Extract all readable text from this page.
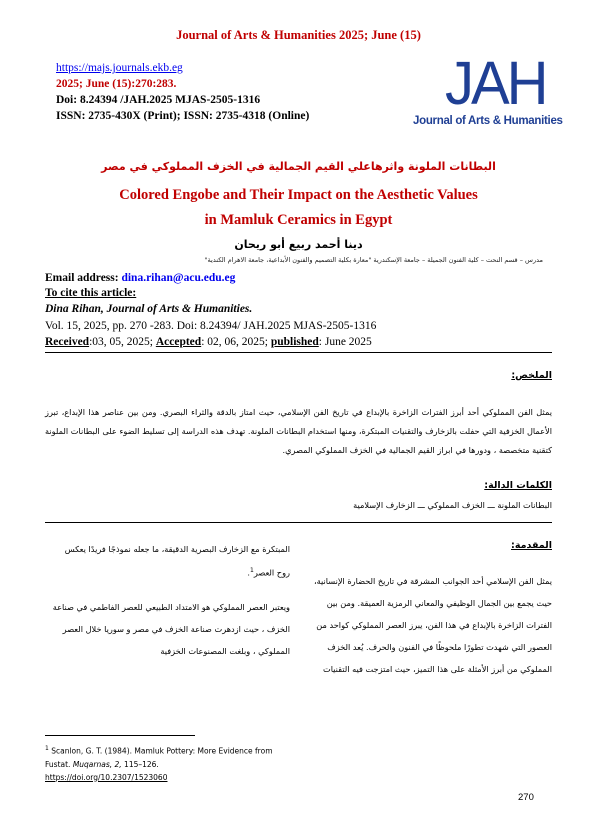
Journal of Arts & Humanities 2025; June (15)
https://majs.journals.ekb.eg
2025; June (15):270:283.
Doi: 8.24394 /JAH.2025 MJAS-2505-1316
ISSN: 2735-430X (Print); ISSN: 2735-4318 (Online) JAH
Journal of Arts & Humanities
البطانات الملونة واثرهاعلي القيم الجمالية في الخزف المملوكي في مصر
Colored Engobe and Their Impact on the Aesthetic Values
in Mamluk Ceramics in Egypt
دينا أحمد ربيع أبو ريحان
مدرس – قسم النحت – كلية الفنون الجميلة – جامعة الإسكندرية "معارة بكلية التصميم والفنون الأبداعية، جامعة الاهرام الكندية"
Email address: dina.rihan@acu.edu.eg
To cite this article:
Dina Rihan, Journal of Arts & Humanities.
Vol. 15, 2025, pp. 270 -283. Doi: 8.24394/ JAH.2025 MJAS-2505-1316
Received:03, 05, 2025; Accepted: 02, 06, 2025; published: June 2025
الملخص:
يمثل الفن المملوكي أحد أبرز الفترات الزاخرة بالإبداع في تاريخ الفن الإسلامي، حيث امتاز بالدقة والثراء البصري. ومن بين عناصر هذا الإبداع، تبرز الأعمال الخزفية التي حفلت بالزخارف والتقنيات المبتكرة، ومنها استخدام البطانات الملونة. تهدف هذه الدراسة إلى تسليط الضوء على البطانات الملونة كتقنية متخصصة ، ودورها في ابراز القيم الجمالية في الخزف المملوكي المصري.
الكلمات الدالة:
البطانات الملونة ـــ الخزف المملوكي ـــ الزخارف الإسلامية
المقدمة:
يمثل الفن الإسلامي أحد الجوانب المشرقة في تاريخ الحضارة الإنسانية، حيث يجمع بين الجمال الوظيفي والمعاني الرمزية العميقة. ومن بين الفترات الزاخرة بالإبداع في هذا الفن، يبرز العصر المملوكي كواحد من العصور التي شهدت تطورًا ملحوظًا في الفنون والحرف. يُعد الخزف المملوكي من أبرز الأمثلة على هذا التميز، حيث امتزجت فيه التقنيات

المبتكرة مع الزخارف البصرية الدقيقة، ما جعله نموذجًا فريدًا يعكس روح العصر$^1$.

ويعتبر العصر المملوكي هو الامتداد الطبيعي للعصر الفاطمي في صناعة الخزف ، حيث ازدهرت صناعة الخزف في مصر و سوريا خلال العصر المملوكي ، وبلغت المصنوعات الخزفية

$^1$ Scanlon, G. T. (1984). Mamluk Pottery: More Evidence from Fustat. Muqarnas, 2, 115–126.
https://doi.org/10.2307/1523060
270
